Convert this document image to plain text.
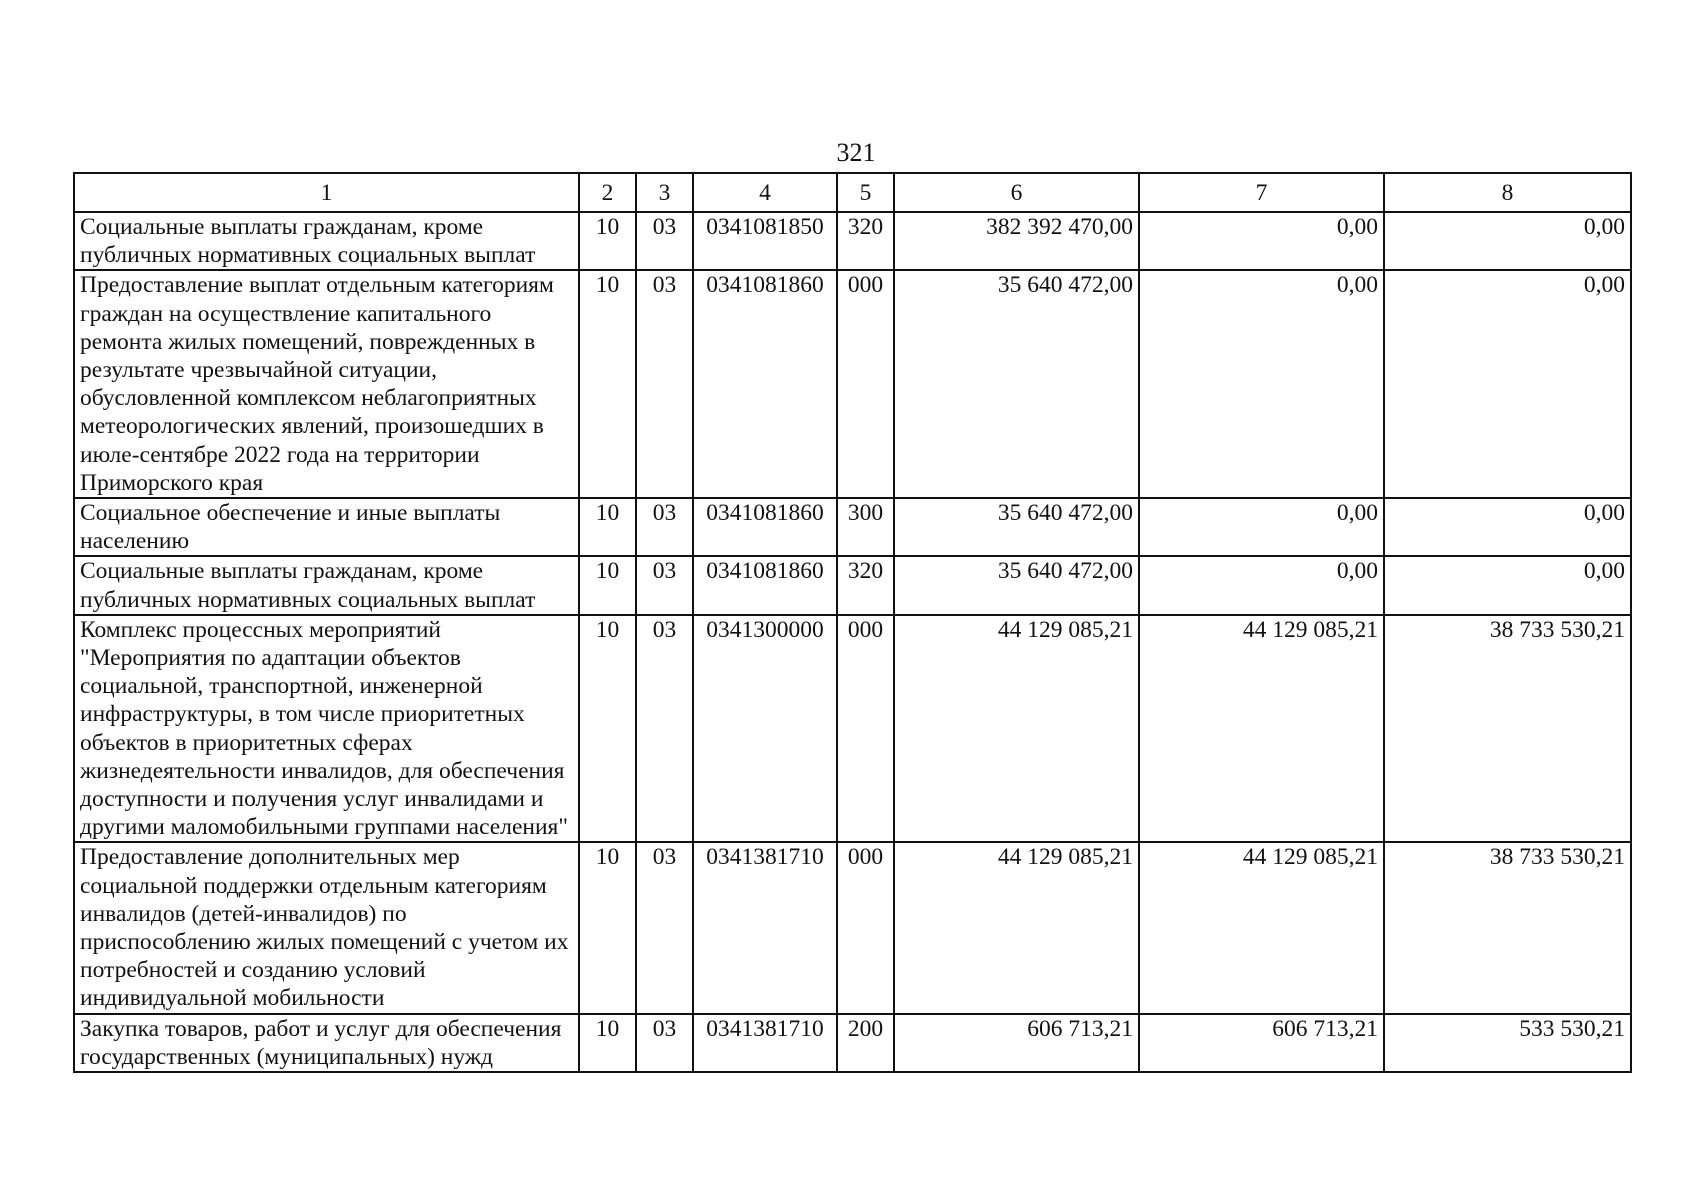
321
1	2	3	4	5	6	7	8
Социальные выплаты гражданам, кроме публичных нормативных социальных выплат	10	03	0341081850	320	382 392 470,00	0,00	0,00
Предоставление выплат отдельным категориям граждан на осуществление капитального ремонта жилых помещений, поврежденных в результате чрезвычайной ситуации, обусловленной комплексом неблагоприятных метеорологических явлений, произошедших в июле-сентябре 2022 года на территории Приморского края	10	03	0341081860	000	35 640 472,00	0,00	0,00
Социальное обеспечение и иные выплаты населению	10	03	0341081860	300	35 640 472,00	0,00	0,00
Социальные выплаты гражданам, кроме публичных нормативных социальных выплат	10	03	0341081860	320	35 640 472,00	0,00	0,00
Комплекс процессных мероприятий "Мероприятия по адаптации объектов социальной, транспортной, инженерной инфраструктуры, в том числе приоритетных объектов в приоритетных сферах жизнедеятельности инвалидов, для обеспечения доступности и получения услуг инвалидами и другими маломобильными группами населения"	10	03	0341300000	000	44 129 085,21	44 129 085,21	38 733 530,21
Предоставление дополнительных мер социальной поддержки отдельным категориям инвалидов (детей-инвалидов) по приспособлению жилых помещений с учетом их потребностей и созданию условий индивидуальной мобильности	10	03	0341381710	000	44 129 085,21	44 129 085,21	38 733 530,21
Закупка товаров, работ и услуг для обеспечения государственных (муниципальных) нужд	10	03	0341381710	200	606 713,21	606 713,21	533 530,21
